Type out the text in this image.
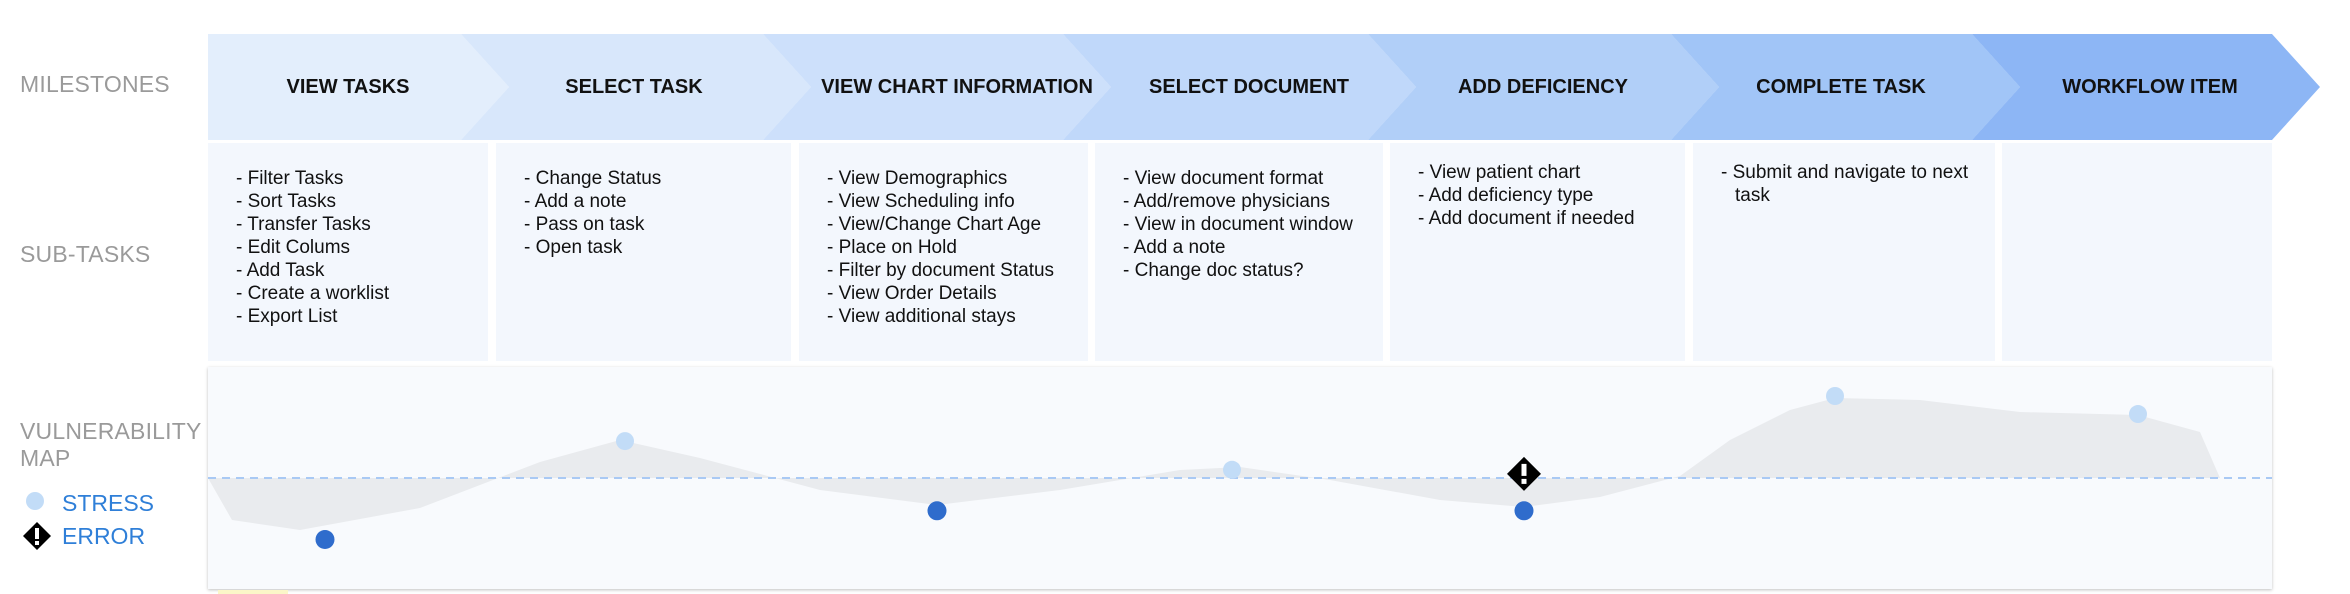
MILESTONES
SUB-TASKS
VULNERABILITY MAP
STRESS
ERROR
VIEW TASKS	SELECT TASK	VIEW CHART INFORMATION	SELECT DOCUMENT	ADD DEFICIENCY	COMPLETE TASK	WORKFLOW ITEM
- Filter Tasks
- Sort Tasks
- Transfer Tasks
- Edit Colums
- Add Task
- Create a worklist
- Export List
- Change Status
- Add a note
- Pass on task
- Open task
- View Demographics
- View Scheduling info
- View/Change Chart Age
- Place on Hold
- Filter by document Status
- View Order Details
- View additional stays
- View document format
- Add/remove physicians
- View in document window
- Add a note
- Change doc status?
- View patient chart
- Add deficiency type
- Add document if needed
- Submit and navigate to next task
